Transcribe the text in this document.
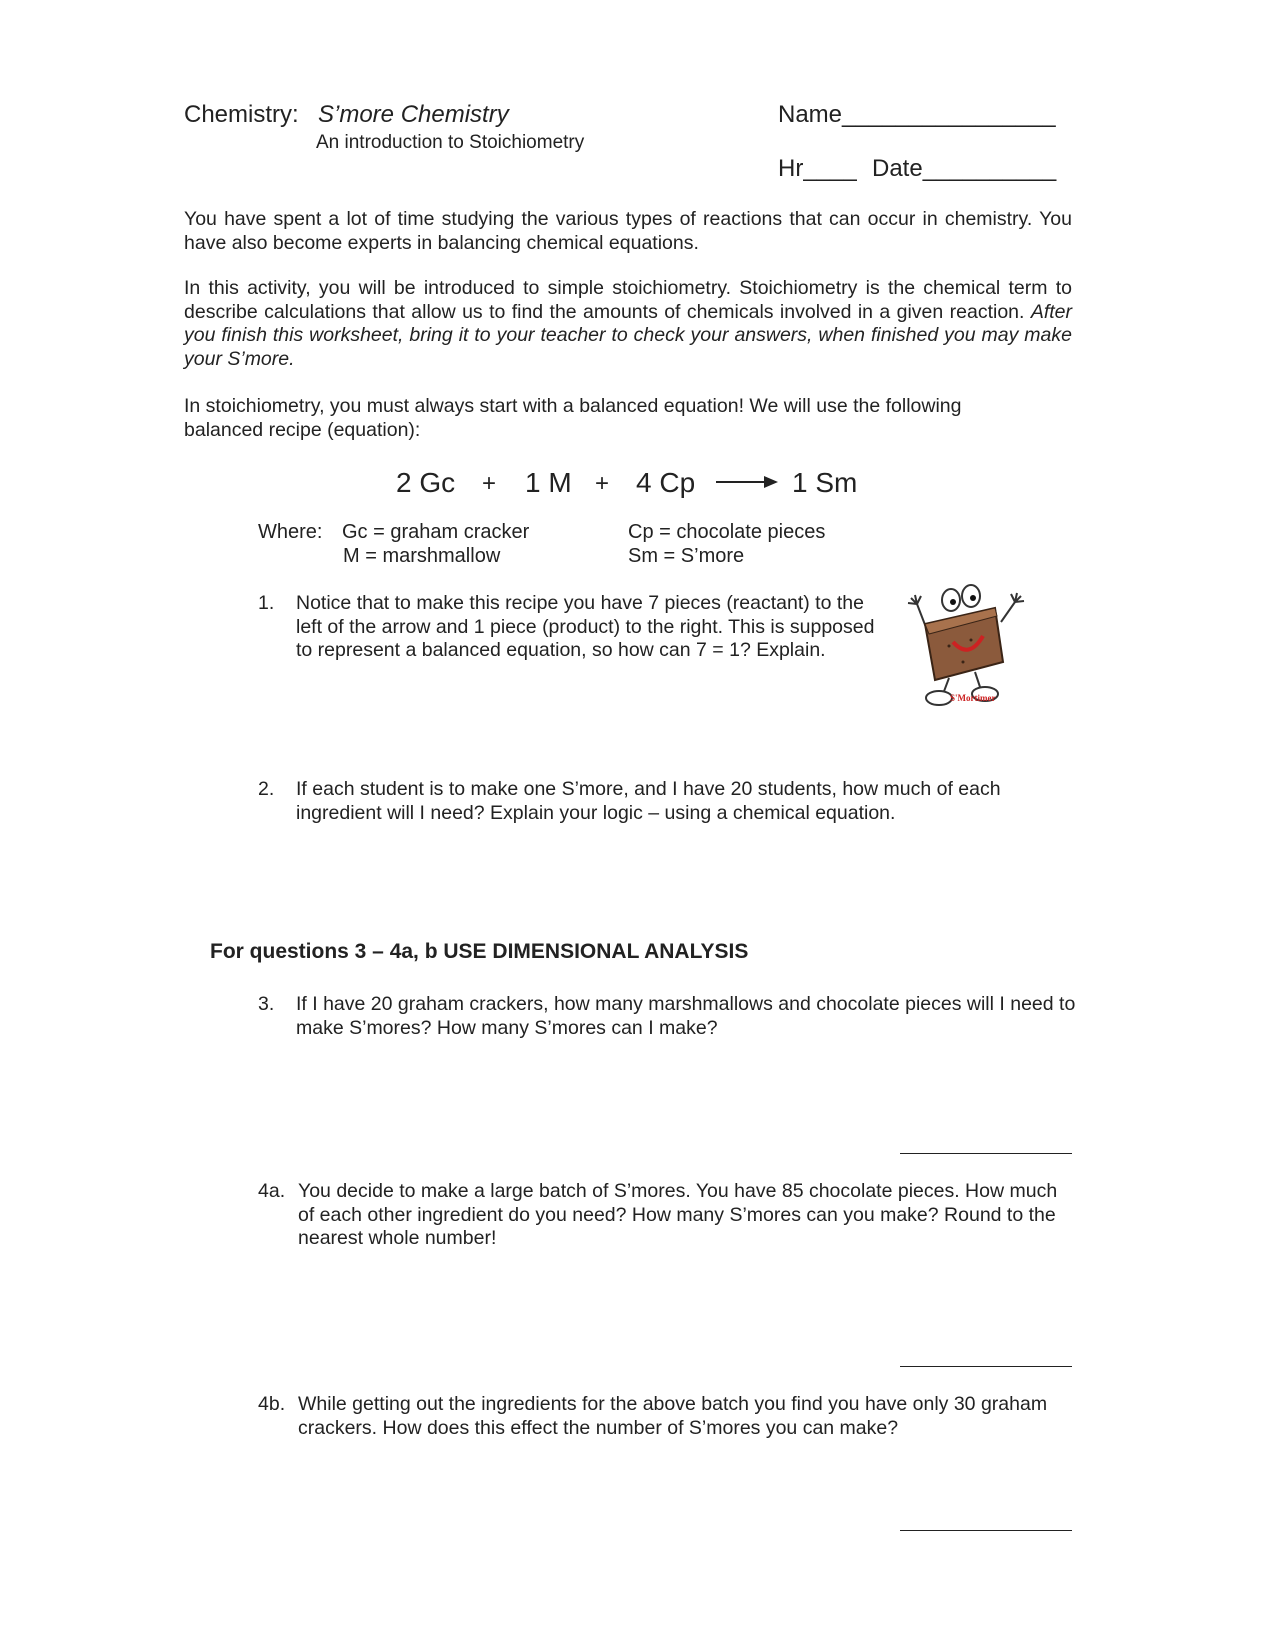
Chemistry: S’more Chemistry
An introduction to Stoichiometry
Name________________
Hr____ Date__________
You have spent a lot of time studying the various types of reactions that can occur in chemistry. You have also become experts in balancing chemical equations.
In this activity, you will be introduced to simple stoichiometry. Stoichiometry is the chemical term to describe calculations that allow us to find the amounts of chemicals involved in a given reaction. After you finish this worksheet, bring it to your teacher to check your answers, when finished you may make your S’more.
In stoichiometry, you must always start with a balanced equation! We will use the following balanced recipe (equation):
2 Gc + 1 M + 4 Cp → 1 Sm
Where: Gc = graham cracker
M = marshmallow
Cp = chocolate pieces
Sm = S’more
1. Notice that to make this recipe you have 7 pieces (reactant) to the left of the arrow and 1 piece (product) to the right. This is supposed to represent a balanced equation, so how can 7 = 1? Explain.
S'Mortimer
2. If each student is to make one S’more, and I have 20 students, how much of each ingredient will I need? Explain your logic – using a chemical equation.
For questions 3 – 4a, b USE DIMENSIONAL ANALYSIS
3. If I have 20 graham crackers, how many marshmallows and chocolate pieces will I need to make S’mores? How many S’mores can I make?
4a. You decide to make a large batch of S’mores. You have 85 chocolate pieces. How much of each other ingredient do you need? How many S’mores can you make? Round to the nearest whole number!
4b. While getting out the ingredients for the above batch you find you have only 30 graham crackers. How does this effect the number of S’mores you can make?
